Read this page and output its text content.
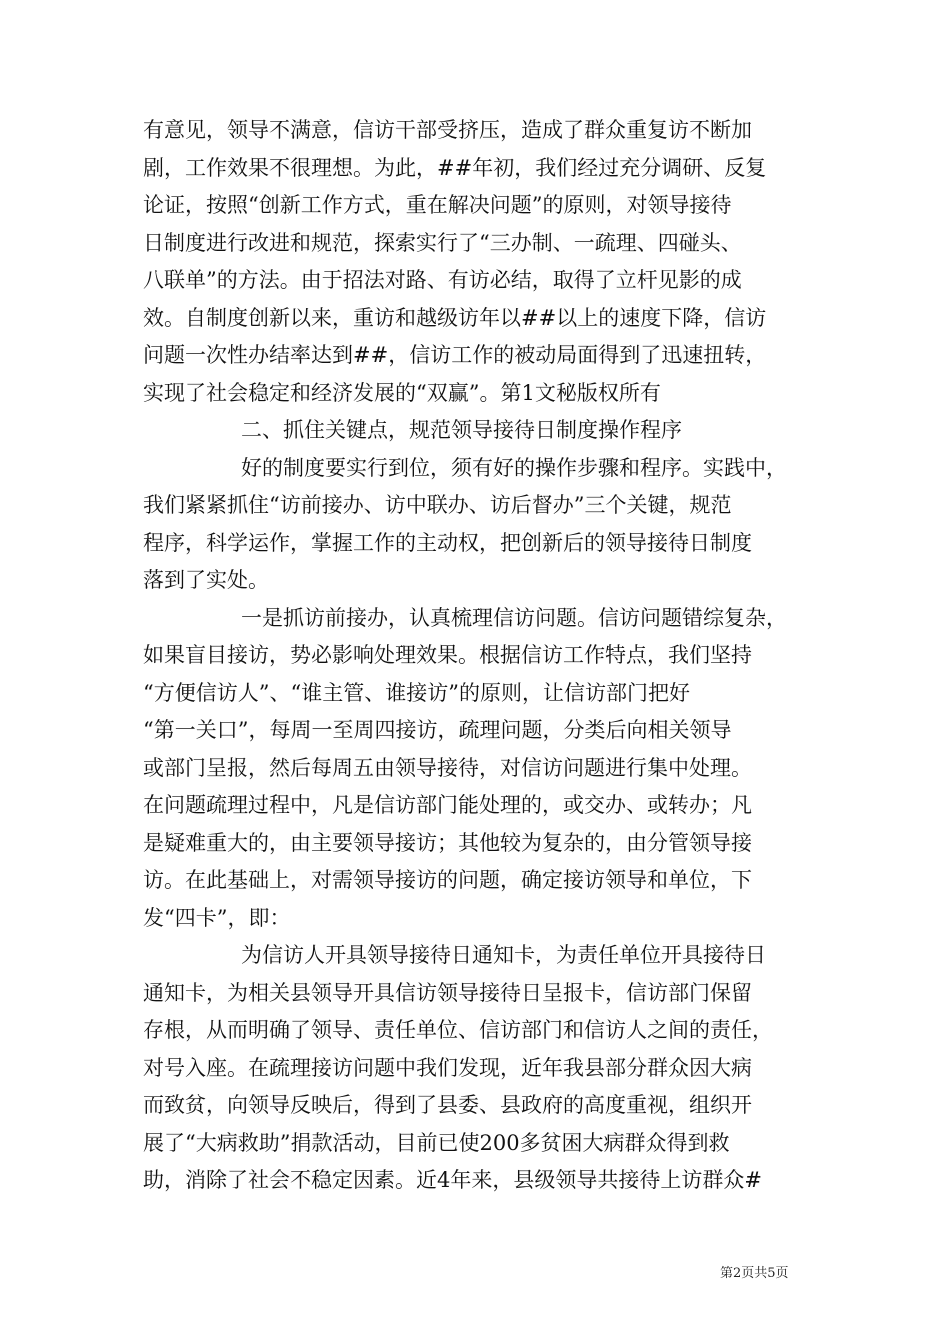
有意见，领导不满意，信访干部受挤压，造成了群众重复访不断加
剧，工作效果不很理想。为此，##年初，我们经过充分调研、反复
论证，按照“创新工作方式，重在解决问题”的原则，对领导接待
日制度进行改进和规范，探索实行了“三办制、一疏理、四碰头、
八联单”的方法。由于招法对路、有访必结，取得了立杆见影的成
效。自制度创新以来，重访和越级访年以##以上的速度下降，信访
问题一次性办结率达到##，信访工作的被动局面得到了迅速扭转，
实现了社会稳定和经济发展的“双赢”。第1文秘版权所有
二、抓住关键点，规范领导接待日制度操作程序
好的制度要实行到位，须有好的操作步骤和程序。实践中，
我们紧紧抓住“访前接办、访中联办、访后督办”三个关键，规范
程序，科学运作，掌握工作的主动权，把创新后的领导接待日制度
落到了实处。
一是抓访前接办，认真梳理信访问题。信访问题错综复杂，
如果盲目接访，势必影响处理效果。根据信访工作特点，我们坚持
“方便信访人”、“谁主管、谁接访”的原则，让信访部门把好
“第一关口”，每周一至周四接访，疏理问题，分类后向相关领导
或部门呈报，然后每周五由领导接待，对信访问题进行集中处理。
在问题疏理过程中，凡是信访部门能处理的，或交办、或转办；凡
是疑难重大的，由主要领导接访；其他较为复杂的，由分管领导接
访。在此基础上，对需领导接访的问题，确定接访领导和单位，下
发“四卡”，即：
为信访人开具领导接待日通知卡，为责任单位开具接待日
通知卡，为相关县领导开具信访领导接待日呈报卡，信访部门保留
存根，从而明确了领导、责任单位、信访部门和信访人之间的责任，
对号入座。在疏理接访问题中我们发现，近年我县部分群众因大病
而致贫，向领导反映后，得到了县委、县政府的高度重视，组织开
展了“大病救助”捐款活动，目前已使200多贫困大病群众得到救
助，消除了社会不稳定因素。近4年来，县级领导共接待上访群众#
第2页共5页
